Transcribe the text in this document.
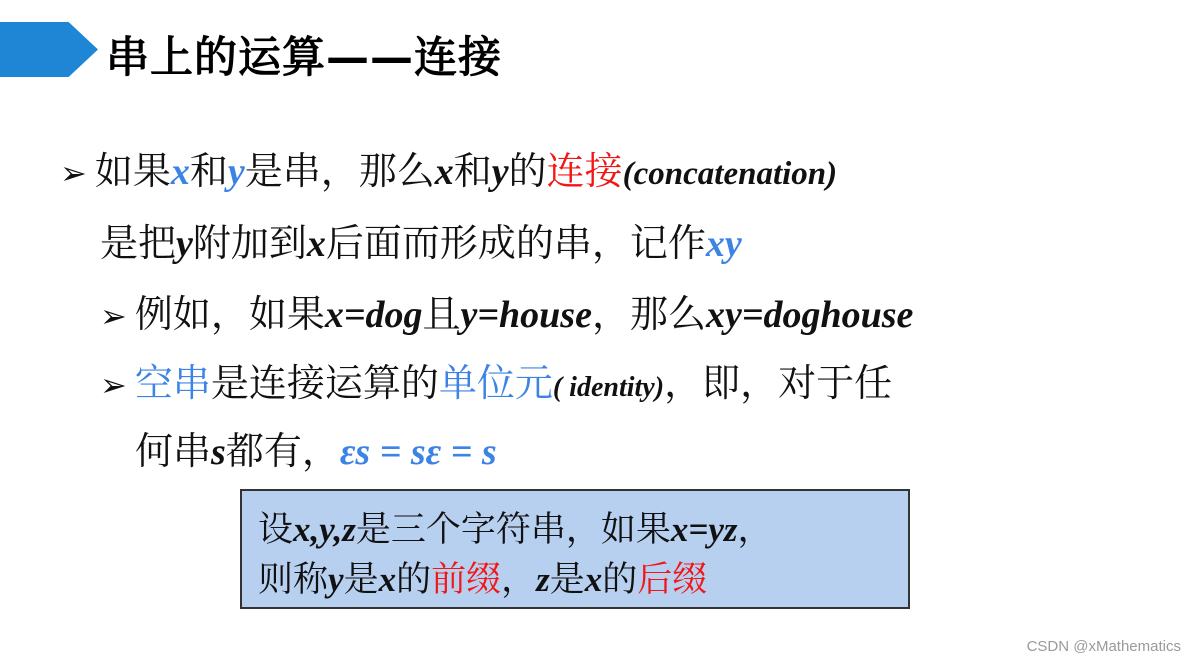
串上的运算——连接
➢ 如果x和y是串，那么x和y的连接(concatenation)
是把y附加到x后面而形成的串，记作xy
➢ 例如，如果x=dog且y=house，那么xy=doghouse
➢ 空串是连接运算的单位元( identity)，即，对于任
何串s都有，εs = sε = s
设x,y,z是三个字符串，如果x=yz，
则称y是x的前缀，z是x的后缀
CSDN @xMathematics
